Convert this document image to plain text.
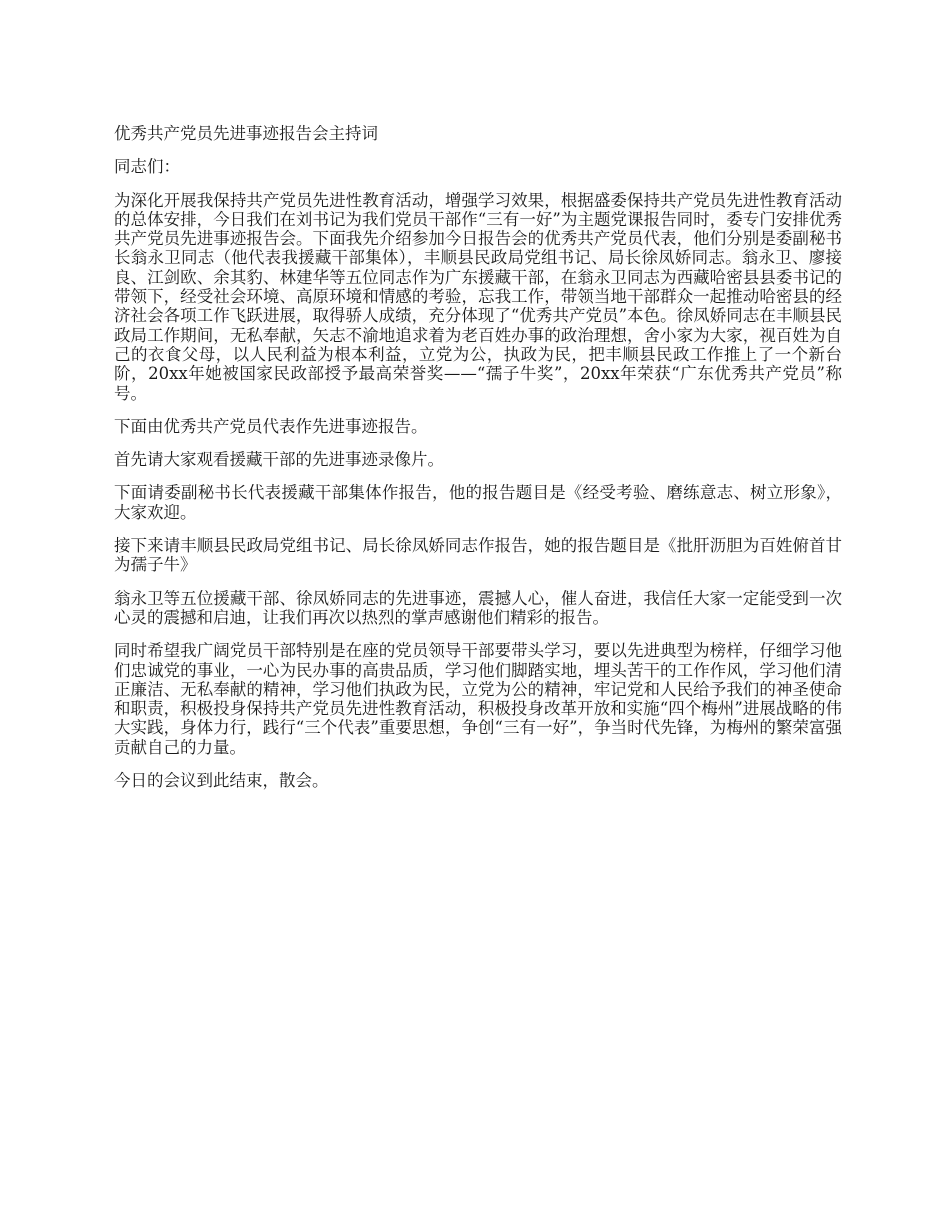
优秀共产党员先进事迹报告会主持词

同志们：

为深化开展我保持共产党员先进性教育活动，增强学习效果，根据盛委保持共产党员先进性教育活动的总体安排，今日我们在刘书记为我们党员干部作“三有一好”为主题党课报告同时，委专门安排优秀共产党员先进事迹报告会。下面我先介绍参加今日报告会的优秀共产党员代表，他们分别是委副秘书长翁永卫同志（他代表我援藏干部集体），丰顺县民政局党组书记、局长徐凤娇同志。翁永卫、廖接良、江剑欧、余其豹、林建华等五位同志作为广东援藏干部，在翁永卫同志为西藏哈密县县委书记的带领下，经受社会环境、高原环境和情感的考验，忘我工作，带领当地干部群众一起推动哈密县的经济社会各项工作飞跃进展，取得骄人成绩，充分体现了“优秀共产党员”本色。徐凤娇同志在丰顺县民政局工作期间，无私奉献，矢志不渝地追求着为老百姓办事的政治理想，舍小家为大家，视百姓为自己的衣食父母，以人民利益为根本利益，立党为公，执政为民，把丰顺县民政工作推上了一个新台阶，20xx年她被国家民政部授予最高荣誉奖——“孺子牛奖”，20xx年荣获“广东优秀共产党员”称号。

下面由优秀共产党员代表作先进事迹报告。

首先请大家观看援藏干部的先进事迹录像片。

下面请委副秘书长代表援藏干部集体作报告，他的报告题目是《经受考验、磨练意志、树立形象》，大家欢迎。

接下来请丰顺县民政局党组书记、局长徐凤娇同志作报告，她的报告题目是《批肝沥胆为百姓俯首甘为孺子牛》

翁永卫等五位援藏干部、徐凤娇同志的先进事迹，震撼人心，催人奋进，我信任大家一定能受到一次心灵的震撼和启迪，让我们再次以热烈的掌声感谢他们精彩的报告。

同时希望我广阔党员干部特别是在座的党员领导干部要带头学习，要以先进典型为榜样，仔细学习他们忠诚党的事业，一心为民办事的高贵品质，学习他们脚踏实地，埋头苦干的工作作风，学习他们清正廉洁、无私奉献的精神，学习他们执政为民，立党为公的精神，牢记党和人民给予我们的神圣使命和职责，积极投身保持共产党员先进性教育活动，积极投身改革开放和实施“四个梅州”进展战略的伟大实践，身体力行，践行“三个代表”重要思想，争创“三有一好”，争当时代先锋，为梅州的繁荣富强贡献自己的力量。

今日的会议到此结束，散会。
